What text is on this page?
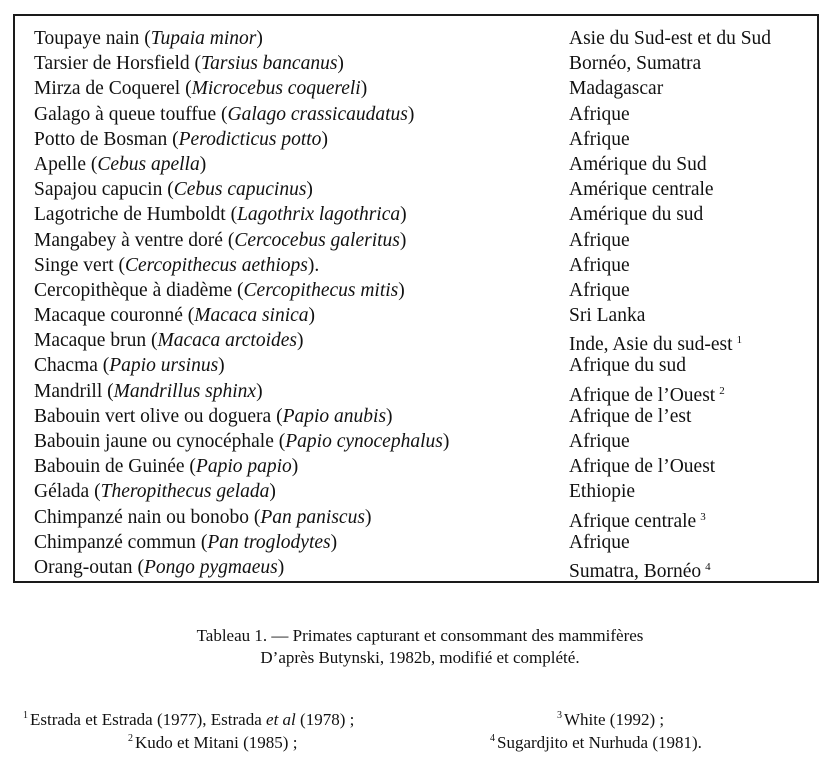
Toupaye nain (Tupaia minor)	Asie du Sud-est et du Sud
Tarsier de Horsfield (Tarsius bancanus)	Bornéo, Sumatra
Mirza de Coquerel (Microcebus coquereli)	Madagascar
Galago à queue touffue (Galago crassicaudatus)	Afrique
Potto de Bosman (Perodicticus potto)	Afrique
Apelle (Cebus apella)	Amérique du Sud
Sapajou capucin (Cebus capucinus)	Amérique centrale
Lagotriche de Humboldt (Lagothrix lagothrica)	Amérique du sud
Mangabey à ventre doré (Cercocebus galeritus)	Afrique
Singe vert (Cercopithecus aethiops).	Afrique
Cercopithèque à diadème (Cercopithecus mitis)	Afrique
Macaque couronné (Macaca sinica)	Sri Lanka
Macaque brun (Macaca arctoides)	Inde, Asie du sud-est $^1$
Chacma (Papio ursinus)	Afrique du sud
Mandrill (Mandrillus sphinx)	Afrique de l’Ouest $^2$
Babouin vert olive ou doguera (Papio anubis)	Afrique de l’est
Babouin jaune ou cynocéphale (Papio cynocephalus)	Afrique
Babouin de Guinée (Papio papio)	Afrique de l’Ouest
Gélada (Theropithecus gelada)	Ethiopie
Chimpanzé nain ou bonobo (Pan paniscus)	Afrique centrale $^3$
Chimpanzé commun (Pan troglodytes)	Afrique
Orang-outan (Pongo pygmaeus)	Sumatra, Bornéo $^4$
Tableau 1. — Primates capturant et consommant des mammifères
D’après Butynski, 1982b, modifié et complété.
$^1$ Estrada et Estrada (1977), Estrada et al (1978) ;
$^2$ Kudo et Mitani (1985) ;
$^3$ White (1992) ;
$^4$ Sugardjito et Nurhuda (1981).
